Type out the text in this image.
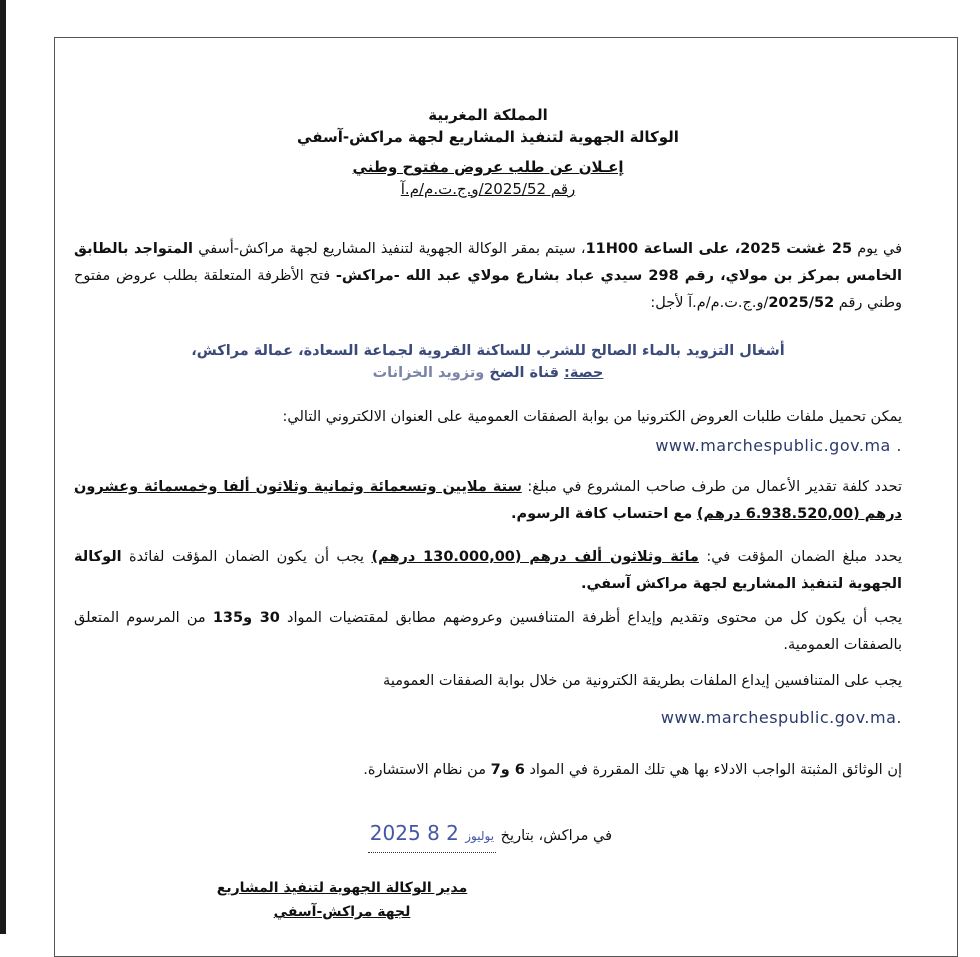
المملكة المغربية
الوكالة الجهوية لتنفيذ المشاريع لجهة مراكش-آسفي
إعـلان عن طلب عروض مفتوح وطني
رقم 2025/52/و.ج.ت.م/م.آ
في يوم 25 غشت 2025، على الساعة 11H00، سيتم بمقر الوكالة الجهوية لتنفيذ المشاريع لجهة مراكش-أسفي المتواجد بالطابق الخامس بمركز بن مولاي، رقم 298 سيدي عباد بشارع مولاي عبد الله -مراكش- فتح الأظرفة المتعلقة بطلب عروض مفتوح وطني رقم 2025/52/و.ج.ت.م/م.آ لأجل:
أشغال التزويد بالماء الصالح للشرب للساكنة القروية لجماعة السعادة، عمالة مراكش،
حصة: قناة الضخ وتزويد الخزانات
يمكن تحميل ملفات طلبات العروض الكترونيا من بوابة الصفقات العمومية على العنوان الالكتروني التالي:
. www.marchespublic.gov.ma
تحدد كلفة تقدير الأعمال من طرف صاحب المشروع في مبلغ: ستة ملايين وتسعمائة وثمانية وثلاثون ألفا وخمسمائة وعشرون درهم (6.938.520,00 درهم) مع احتساب كافة الرسوم.
يحدد مبلغ الضمان المؤقت في: مائة وثلاثون ألف درهم (130.000,00 درهم) يجب أن يكون الضمان المؤقت لفائدة الوكالة الجهوية لتنفيذ المشاريع لجهة مراكش آسفي.
يجب أن يكون كل من محتوى وتقديم وإيداع أظرفة المتنافسين وعروضهم مطابق لمقتضيات المواد 30 و135 من المرسوم المتعلق بالصفقات العمومية.
يجب على المتنافسين إيداع الملفات بطريقة الكترونية من خلال بوابة الصفقات العمومية
.www.marchespublic.gov.ma
إن الوثائق المثبتة الواجب الادلاء بها هي تلك المقررة في المواد 6 و7 من نظام الاستشارة.
في مراكش، بتاريخ 2025	يوليوز 2 8
مدير الوكالة الجهوية لتنفيذ المشاريع
لجهة مراكش-آسفي
